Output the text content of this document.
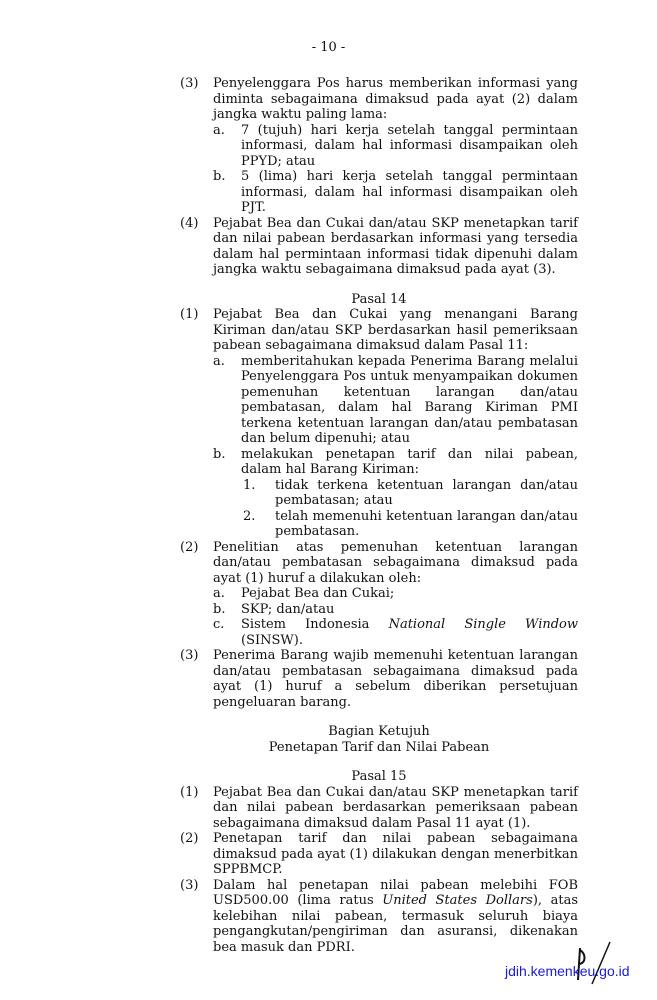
- 10 -
(3) Penyelenggara Pos harus memberikan informasi yang diminta sebagaimana dimaksud pada ayat (2) dalam jangka waktu paling lama:
a. 7 (tujuh) hari kerja setelah tanggal permintaan informasi, dalam hal informasi disampaikan oleh PPYD; atau
b. 5 (lima) hari kerja setelah tanggal permintaan informasi, dalam hal informasi disampaikan oleh PJT.
(4) Pejabat Bea dan Cukai dan/atau SKP menetapkan tarif dan nilai pabean berdasarkan informasi yang tersedia dalam hal permintaan informasi tidak dipenuhi dalam jangka waktu sebagaimana dimaksud pada ayat (3).
Pasal 14
(1) Pejabat Bea dan Cukai yang menangani Barang Kiriman dan/atau SKP berdasarkan hasil pemeriksaan pabean sebagaimana dimaksud dalam Pasal 11:
a. memberitahukan kepada Penerima Barang melalui Penyelenggara Pos untuk menyampaikan dokumen pemenuhan ketentuan larangan dan/atau pembatasan, dalam hal Barang Kiriman PMI terkena ketentuan larangan dan/atau pembatasan dan belum dipenuhi; atau
b. melakukan penetapan tarif dan nilai pabean, dalam hal Barang Kiriman:
1. tidak terkena ketentuan larangan dan/atau pembatasan; atau
2. telah memenuhi ketentuan larangan dan/atau pembatasan.
(2) Penelitian atas pemenuhan ketentuan larangan dan/atau pembatasan sebagaimana dimaksud pada ayat (1) huruf a dilakukan oleh:
a. Pejabat Bea dan Cukai;
b. SKP; dan/atau
c. Sistem Indonesia National Single Window (SINSW).
(3) Penerima Barang wajib memenuhi ketentuan larangan dan/atau pembatasan sebagaimana dimaksud pada ayat (1) huruf a sebelum diberikan persetujuan pengeluaran barang.
Bagian Ketujuh
Penetapan Tarif dan Nilai Pabean
Pasal 15
(1) Pejabat Bea dan Cukai dan/atau SKP menetapkan tarif dan nilai pabean berdasarkan pemeriksaan pabean sebagaimana dimaksud dalam Pasal 11 ayat (1).
(2) Penetapan tarif dan nilai pabean sebagaimana dimaksud pada ayat (1) dilakukan dengan menerbitkan SPPBMCP.
(3) Dalam hal penetapan nilai pabean melebihi FOB USD500.00 (lima ratus United States Dollars), atas kelebihan nilai pabean, termasuk seluruh biaya pengangkutan/pengiriman dan asuransi, dikenakan bea masuk dan PDRI.
jdih.kemenkeu.go.id
